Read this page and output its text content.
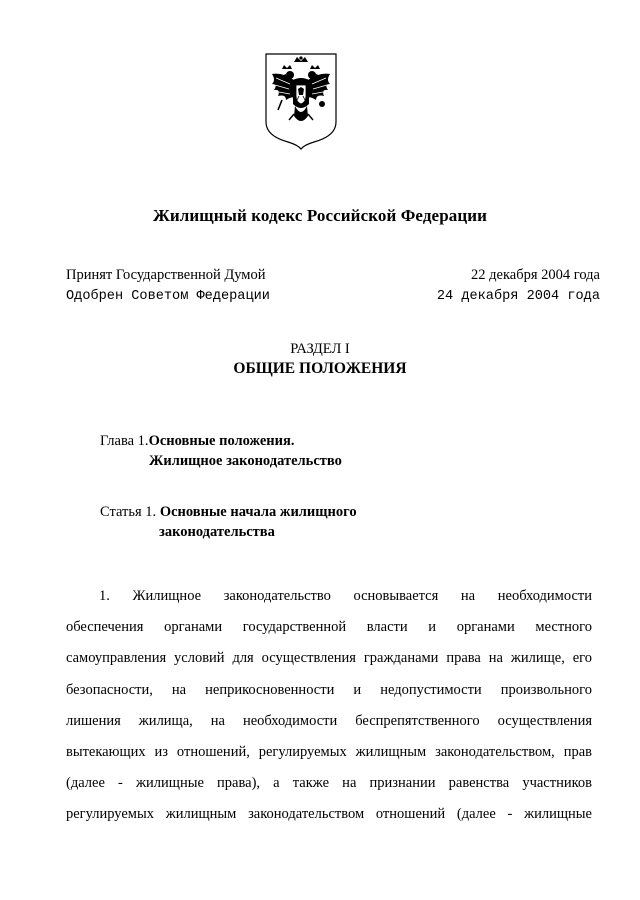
Жилищный кодекс Российской Федерации
Принят Государственной Думой	22 декабря 2004 года
Одобрен Советом Федерации	24 декабря 2004 года
РАЗДЕЛ I
ОБЩИЕ ПОЛОЖЕНИЯ
Глава 1.Основные положения.
Жилищное законодательство
Статья 1. Основные начала жилищного
законодательства
1. Жилищное законодательство основывается на необходимости
обеспечения органами государственной власти и органами местного
самоуправления условий для осуществления гражданами права на жилище, его
безопасности, на неприкосновенности и недопустимости произвольного
лишения жилища, на необходимости беспрепятственного осуществления
вытекающих из отношений, регулируемых жилищным законодательством, прав
(далее - жилищные права), а также на признании равенства участников
регулируемых жилищным законодательством отношений (далее - жилищные
